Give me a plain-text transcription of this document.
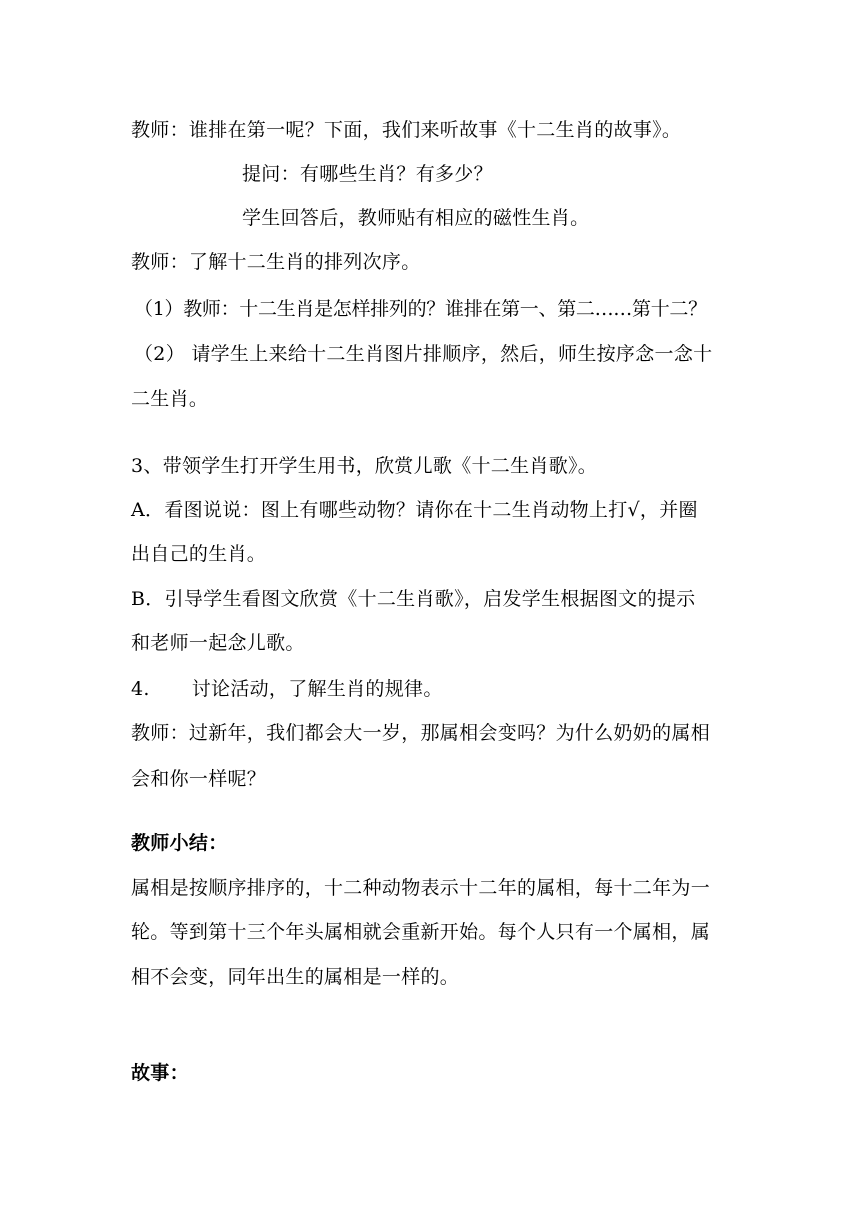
教师：谁排在第一呢？下面，我们来听故事《十二生肖的故事》。
提问：有哪些生肖？有多少？
学生回答后，教师贴有相应的磁性生肖。
教师：了解十二生肖的排列次序。
（1）教师：十二生肖是怎样排列的？谁排在第一、第二……第十二？
（2） 请学生上来给十二生肖图片排顺序，然后，师生按序念一念十
二生肖。
3、带领学生打开学生用书，欣赏儿歌《十二生肖歌》。
A．看图说说：图上有哪些动物？请你在十二生肖动物上打√，并圈
出自己的生肖。
B．引导学生看图文欣赏《十二生肖歌》，启发学生根据图文的提示
和老师一起念儿歌。
4. 讨论活动，了解生肖的规律。
教师：过新年，我们都会大一岁，那属相会变吗？为什么奶奶的属相
会和你一样呢？
教师小结：
属相是按顺序排序的，十二种动物表示十二年的属相，每十二年为一
轮。等到第十三个年头属相就会重新开始。每个人只有一个属相，属
相不会变，同年出生的属相是一样的。
故事：
